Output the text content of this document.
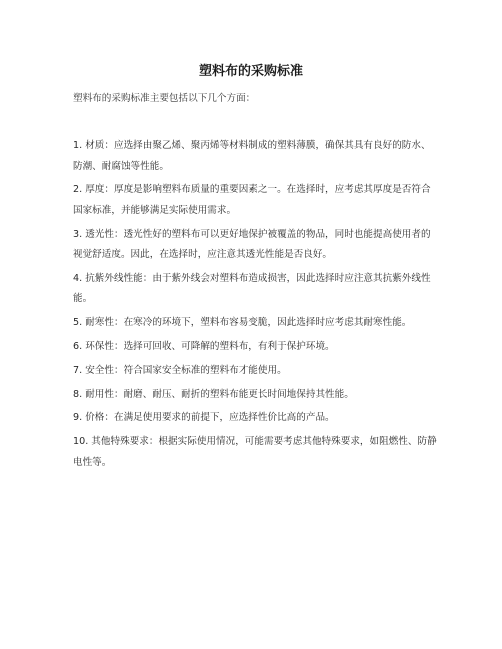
塑料布的采购标准
塑料布的采购标准主要包括以下几个方面：
1. 材质：应选择由聚乙烯、聚丙烯等材料制成的塑料薄膜，确保其具有良好的防水、防潮、耐腐蚀等性能。
2. 厚度：厚度是影响塑料布质量的重要因素之一。在选择时，应考虑其厚度是否符合国家标准，并能够满足实际使用需求。
3. 透光性：透光性好的塑料布可以更好地保护被覆盖的物品，同时也能提高使用者的视觉舒适度。因此，在选择时，应注意其透光性能是否良好。
4. 抗紫外线性能：由于紫外线会对塑料布造成损害，因此选择时应注意其抗紫外线性能。
5. 耐寒性：在寒冷的环境下，塑料布容易变脆，因此选择时应考虑其耐寒性能。
6. 环保性：选择可回收、可降解的塑料布，有利于保护环境。
7. 安全性：符合国家安全标准的塑料布才能使用。
8. 耐用性：耐磨、耐压、耐折的塑料布能更长时间地保持其性能。
9. 价格：在满足使用要求的前提下，应选择性价比高的产品。
10. 其他特殊要求：根据实际使用情况，可能需要考虑其他特殊要求，如阻燃性、防静电性等。
